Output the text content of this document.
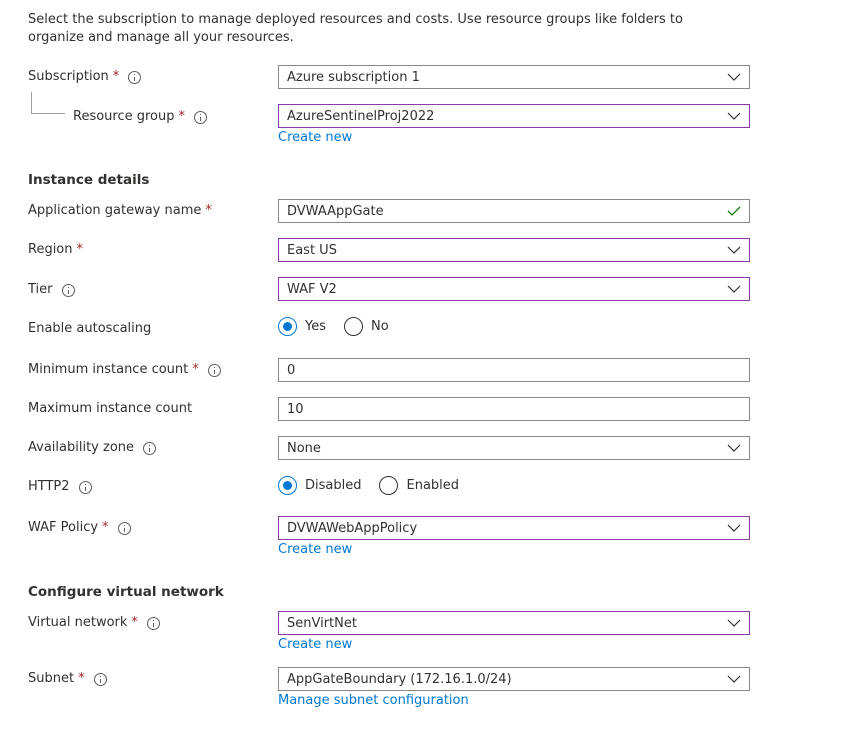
Select the subscription to manage deployed resources and costs. Use resource groups like folders to organize and manage all your resources.
Subscription *	Azure subscription 1
Resource group *	AzureSentinelProj2022
Create new
Instance details
Application gateway name *	DVWAAppGate
Region *	East US
Tier	WAF V2
Enable autoscaling	Yes	No
Minimum instance count *	0
Maximum instance count	10
Availability zone	None
HTTP2	Disabled	Enabled
WAF Policy *	DVWAWebAppPolicy
Create new
Configure virtual network
Virtual network *	SenVirtNet
Create new
Subnet *	AppGateBoundary (172.16.1.0/24)
Manage subnet configuration
